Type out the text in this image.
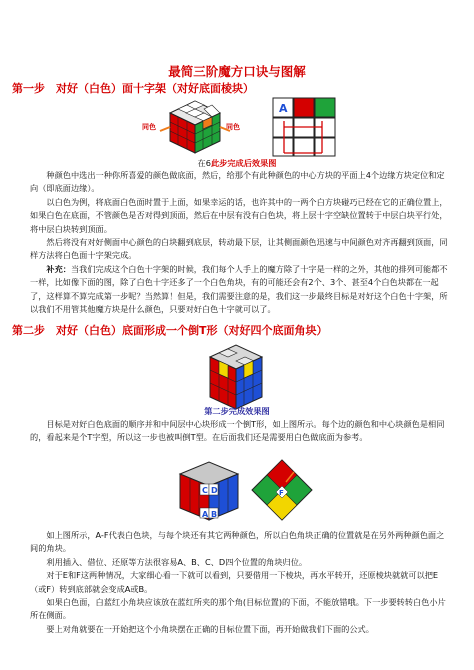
最简三阶魔方口诀与图解
第一步　对好（白色）面十字架（对好底面棱块）
同色	同色
A
在6此步完成后效果图

种颜色中选出一种你所喜爱的颜色做底面，然后，给那个有此种颜色的中心方块的平面上4个边缘方块定位和定向（即底面边缘）。

以白色为例，将底面白色面时置于上面，如果幸运的话，也许其中的一两个白方块碰巧已经在它的正确位置上，如果白色在底面，不管颜色是否对得到顶面，然后在中层有没有白色块，将上层十字空缺位置转于中层白块平行处，将中层白块转到顶面。

然后将没有对好侧面中心颜色的白块翻到底层，转动最下层，让其侧面颜色迅速与中间颜色对齐再翻到顶面，同样方法将白色面十字架完成。

补充：当我们完成这个白色十字架的时候，我们每个人手上的魔方除了十字是一样的之外，其他的排列可能都不一样，比如像下面的图，除了白色十字还多了一个白色角块，有的可能还会有2个、3个、甚至4个白色块都在一起了，这样算不算完成第一步呢？当然算！但是，我们需要注意的是，我们这一步最终目标是对好这个白色十字架，所以我们不用管其他魔方块是什么颜色，只要对好白色十字就可以了。

第二步　对好（白色）底面形成一个倒T形（对好四个底面角块）
第二步完成效果图

目标是对好白色底面的顺序并和中间层中心块形成一个倒T形，如上图所示。每个边的颜色和中心块颜色是相同的，看起来是个T字型，所以这一步也被叫倒T型。在后面我们还是需要用白色做底面为参考。

C D
A B
F

如上图所示，A-F代表白色块，与每个块还有其它两种颜色，所以白色角块正确的位置就是在另外两种颜色面之间的角块。

利用插入、借位、还原等方法很容易A、B、C、D四个位置的角块归位。

对于E和F这两种情况，大家细心看一下就可以看到，只要借用一下棱块，再水平转开，还原棱块就就可以把E（或F）转到底部就会变成A或B。

如果白色面，白蓝红小角块应该放在蓝红所夹的那个角(目标位置)的下面，不能放错哦。下一步要转转白色小片所在侧面。

要上对角就要在一开始把这个小角块摆在正确的目标位置下面，再开始做我们下面的公式。
